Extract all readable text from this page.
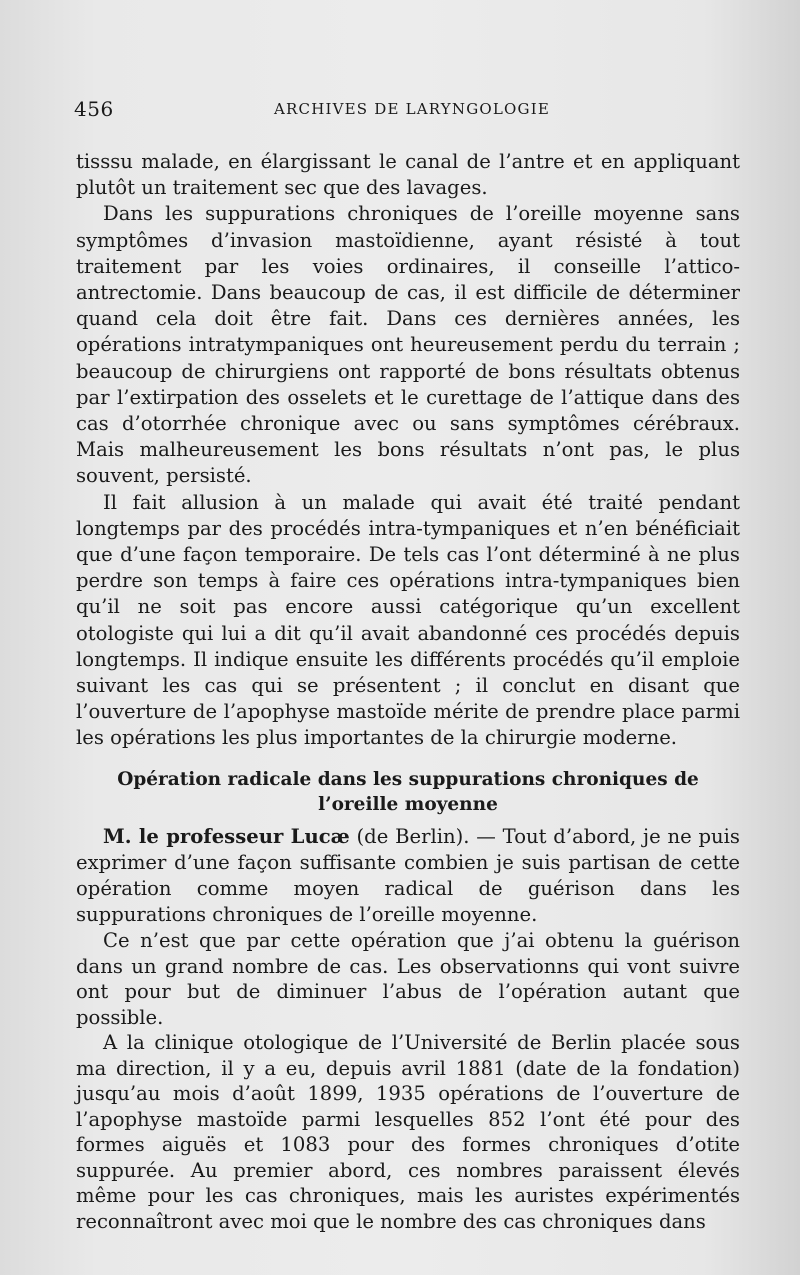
456	ARCHIVES DE LARYNGOLOGIE

tisssu malade, en élargissant le canal de l’antre et en appliquant plutôt un traitement sec que des lavages.

Dans les suppurations chroniques de l’oreille moyenne sans symptômes d’invasion mastoïdienne, ayant résisté à tout traitement par les voies ordinaires, il conseille l’attico-antrectomie. Dans beaucoup de cas, il est difficile de déterminer quand cela doit être fait. Dans ces dernières années, les opérations intratympaniques ont heureusement perdu du terrain ; beaucoup de chirurgiens ont rapporté de bons résultats obtenus par l’extirpation des osselets et le curettage de l’attique dans des cas d’otorrhée chronique avec ou sans symptômes cérébraux. Mais malheureusement les bons résultats n’ont pas, le plus souvent, persisté.

Il fait allusion à un malade qui avait été traité pendant longtemps par des procédés intra-tympaniques et n’en bénéficiait que d’une façon temporaire. De tels cas l’ont déterminé à ne plus perdre son temps à faire ces opérations intra-tympaniques bien qu’il ne soit pas encore aussi catégorique qu’un excellent otologiste qui lui a dit qu’il avait abandonné ces procédés depuis longtemps. Il indique ensuite les différents procédés qu’il emploie suivant les cas qui se présentent ; il conclut en disant que l’ouverture de l’apophyse mastoïde mérite de prendre place parmi les opérations les plus importantes de la chirurgie moderne.

Opération radicale dans les suppurations chroniques de l’oreille moyenne

M. le professeur Lucæ (de Berlin). — Tout d’abord, je ne puis exprimer d’une façon suffisante combien je suis partisan de cette opération comme moyen radical de guérison dans les suppurations chroniques de l’oreille moyenne.

Ce n’est que par cette opération que j’ai obtenu la guérison dans un grand nombre de cas. Les observationns qui vont suivre ont pour but de diminuer l’abus de l’opération autant que possible.

A la clinique otologique de l’Université de Berlin placée sous ma direction, il y a eu, depuis avril 1881 (date de la fondation) jusqu’au mois d’août 1899, 1935 opérations de l’ouverture de l’apophyse mastoïde parmi lesquelles 852 l’ont été pour des formes aiguës et 1083 pour des formes chroniques d’otite suppurée. Au premier abord, ces nombres paraissent élevés même pour les cas chroniques, mais les auristes expérimentés reconnaîtront avec moi que le nombre des cas chroniques dans
